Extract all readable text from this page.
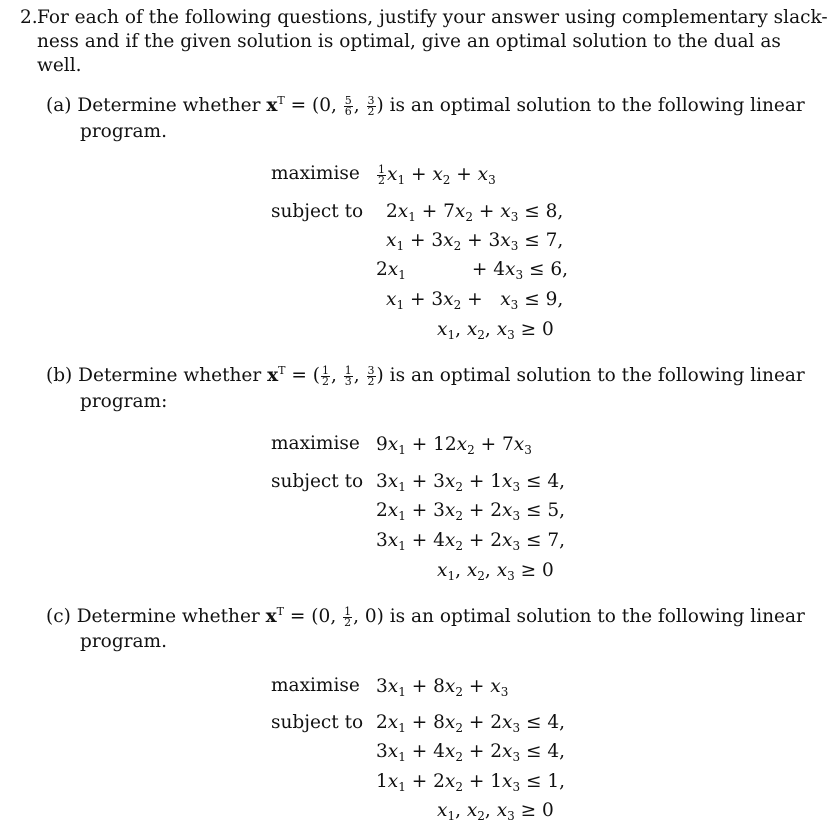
2. For each of the following questions, justify your answer using complementary slack-
ness and if the given solution is optimal, give an optimal solution to the dual as
well.
(a) Determine whether $x^T = (0$, $\frac{5}{6}$ , $\frac{3}{2}$ ) is an optimal solution to the following linear
program.
maximise $\frac{1}{2} x_1 + x_2 + x_3$
subject to $2x_1 + 7x_2 + x_3 \le 8$,
$x_1 + 3x_2 + 3x_3 \le 7$,
$2x_1$	+ $4x_3 \le 6$,
$x_1 + 3x_2 + x_3 \le 9$,
$x_1$, $x_2$, $x_3 \ge 0$
(b) Determine whether $x^T$ = ( $\frac{1}{2}$ , $\frac{1}{3}$ , $\frac{3}{2}$ ) is an optimal solution to the following linear
program:
maximise $9x_1 + 12x_2 + 7x_3$
subject to $3x_1 + 3x_2 + 1x_3 \le 4$,
$2x_1 + 3x_2 + 2x_3 \le 5$,
$3x_1 + 4x_2 + 2x_3 \le 7$,
$x_1$, $x_2$, $x_3 \ge 0$
(c) Determine whether $x^T = (0$, $\frac{1}{2}$ , 0) is an optimal solution to the following linear
program.
maximise $3x_1 + 8x_2 + x_3$
subject to $2x_1 + 8x_2 + 2x_3 \le 4$,
$3x_1 + 4x_2 + 2x_3 \le 4$,
$1x_1 + 2x_2 + 1x_3 \le 1$,
$x_1$, $x_2$, $x_3 \ge 0$
